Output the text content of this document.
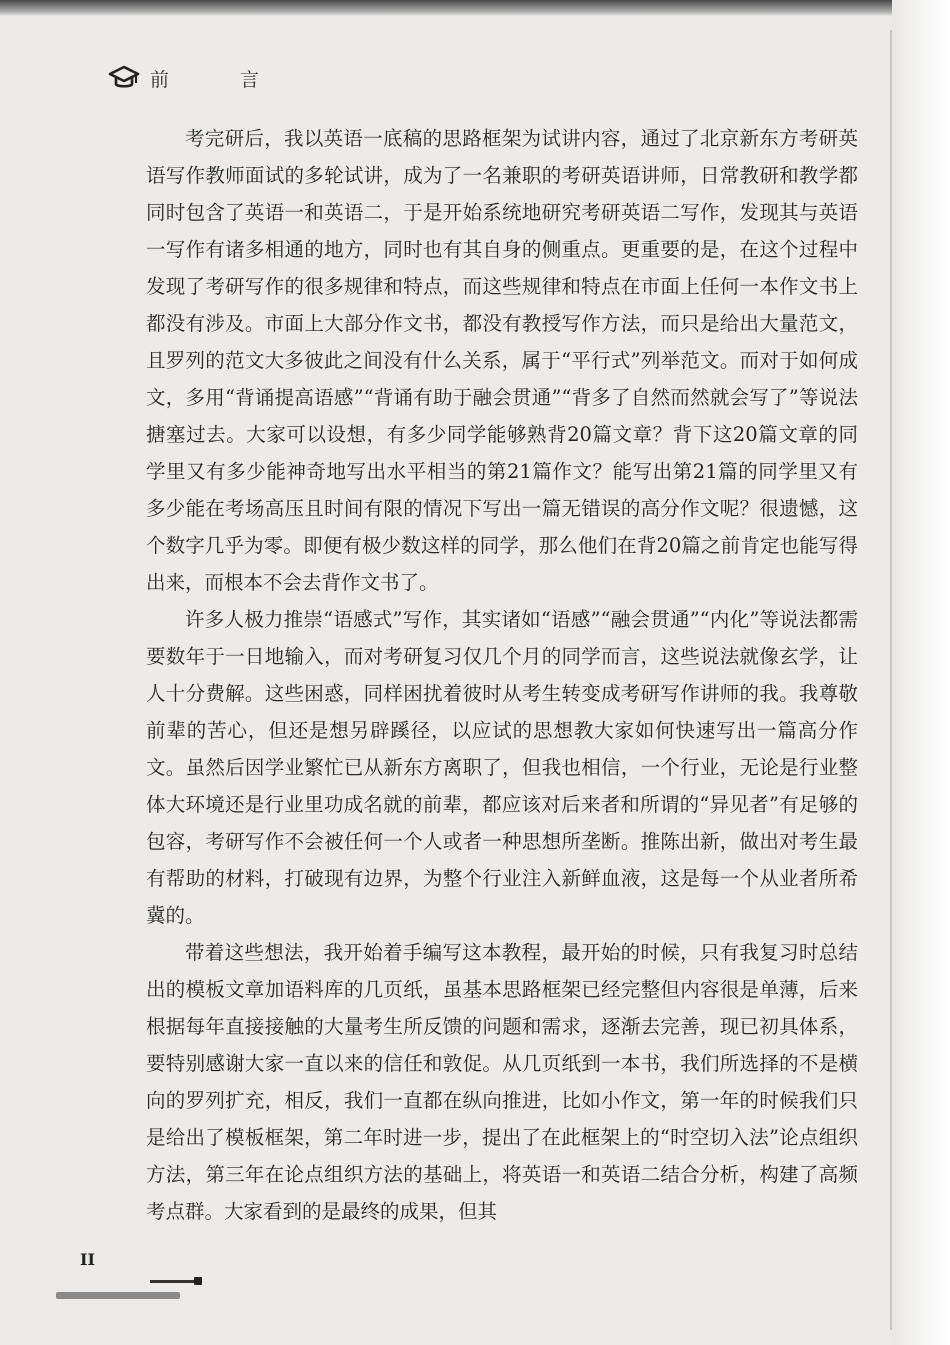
前　言

考完研后，我以英语一底稿的思路框架为试讲内容，通过了北京新东方考研英语写作教师面试的多轮试讲，成为了一名兼职的考研英语讲师，日常教研和教学都同时包含了英语一和英语二，于是开始系统地研究考研英语二写作，发现其与英语一写作有诸多相通的地方，同时也有其自身的侧重点。更重要的是，在这个过程中发现了考研写作的很多规律和特点，而这些规律和特点在市面上任何一本作文书上都没有涉及。市面上大部分作文书，都没有教授写作方法，而只是给出大量范文，且罗列的范文大多彼此之间没有什么关系，属于“平行式”列举范文。而对于如何成文，多用“背诵提高语感”“背诵有助于融会贯通”“背多了自然而然就会写了”等说法搪塞过去。大家可以设想，有多少同学能够熟背20篇文章？背下这20篇文章的同学里又有多少能神奇地写出水平相当的第21篇作文？能写出第21篇的同学里又有多少能在考场高压且时间有限的情况下写出一篇无错误的高分作文呢？很遗憾，这个数字几乎为零。即便有极少数这样的同学，那么他们在背20篇之前肯定也能写得出来，而根本不会去背作文书了。

许多人极力推崇“语感式”写作，其实诸如“语感”“融会贯通”“内化”等说法都需要数年于一日地输入，而对考研复习仅几个月的同学而言，这些说法就像玄学，让人十分费解。这些困惑，同样困扰着彼时从考生转变成考研写作讲师的我。我尊敬前辈的苦心，但还是想另辟蹊径，以应试的思想教大家如何快速写出一篇高分作文。虽然后因学业繁忙已从新东方离职了，但我也相信，一个行业，无论是行业整体大环境还是行业里功成名就的前辈，都应该对后来者和所谓的“异见者”有足够的包容，考研写作不会被任何一个人或者一种思想所垄断。推陈出新，做出对考生最有帮助的材料，打破现有边界，为整个行业注入新鲜血液，这是每一个从业者所希冀的。

带着这些想法，我开始着手编写这本教程，最开始的时候，只有我复习时总结出的模板文章加语料库的几页纸，虽基本思路框架已经完整但内容很是单薄，后来根据每年直接接触的大量考生所反馈的问题和需求，逐渐去完善，现已初具体系，要特别感谢大家一直以来的信任和敦促。从几页纸到一本书，我们所选择的不是横向的罗列扩充，相反，我们一直都在纵向推进，比如小作文，第一年的时候我们只是给出了模板框架，第二年时进一步，提出了在此框架上的“时空切入法”论点组织方法，第三年在论点组织方法的基础上，将英语一和英语二结合分析，构建了高频考点群。大家看到的是最终的成果，但其

II
